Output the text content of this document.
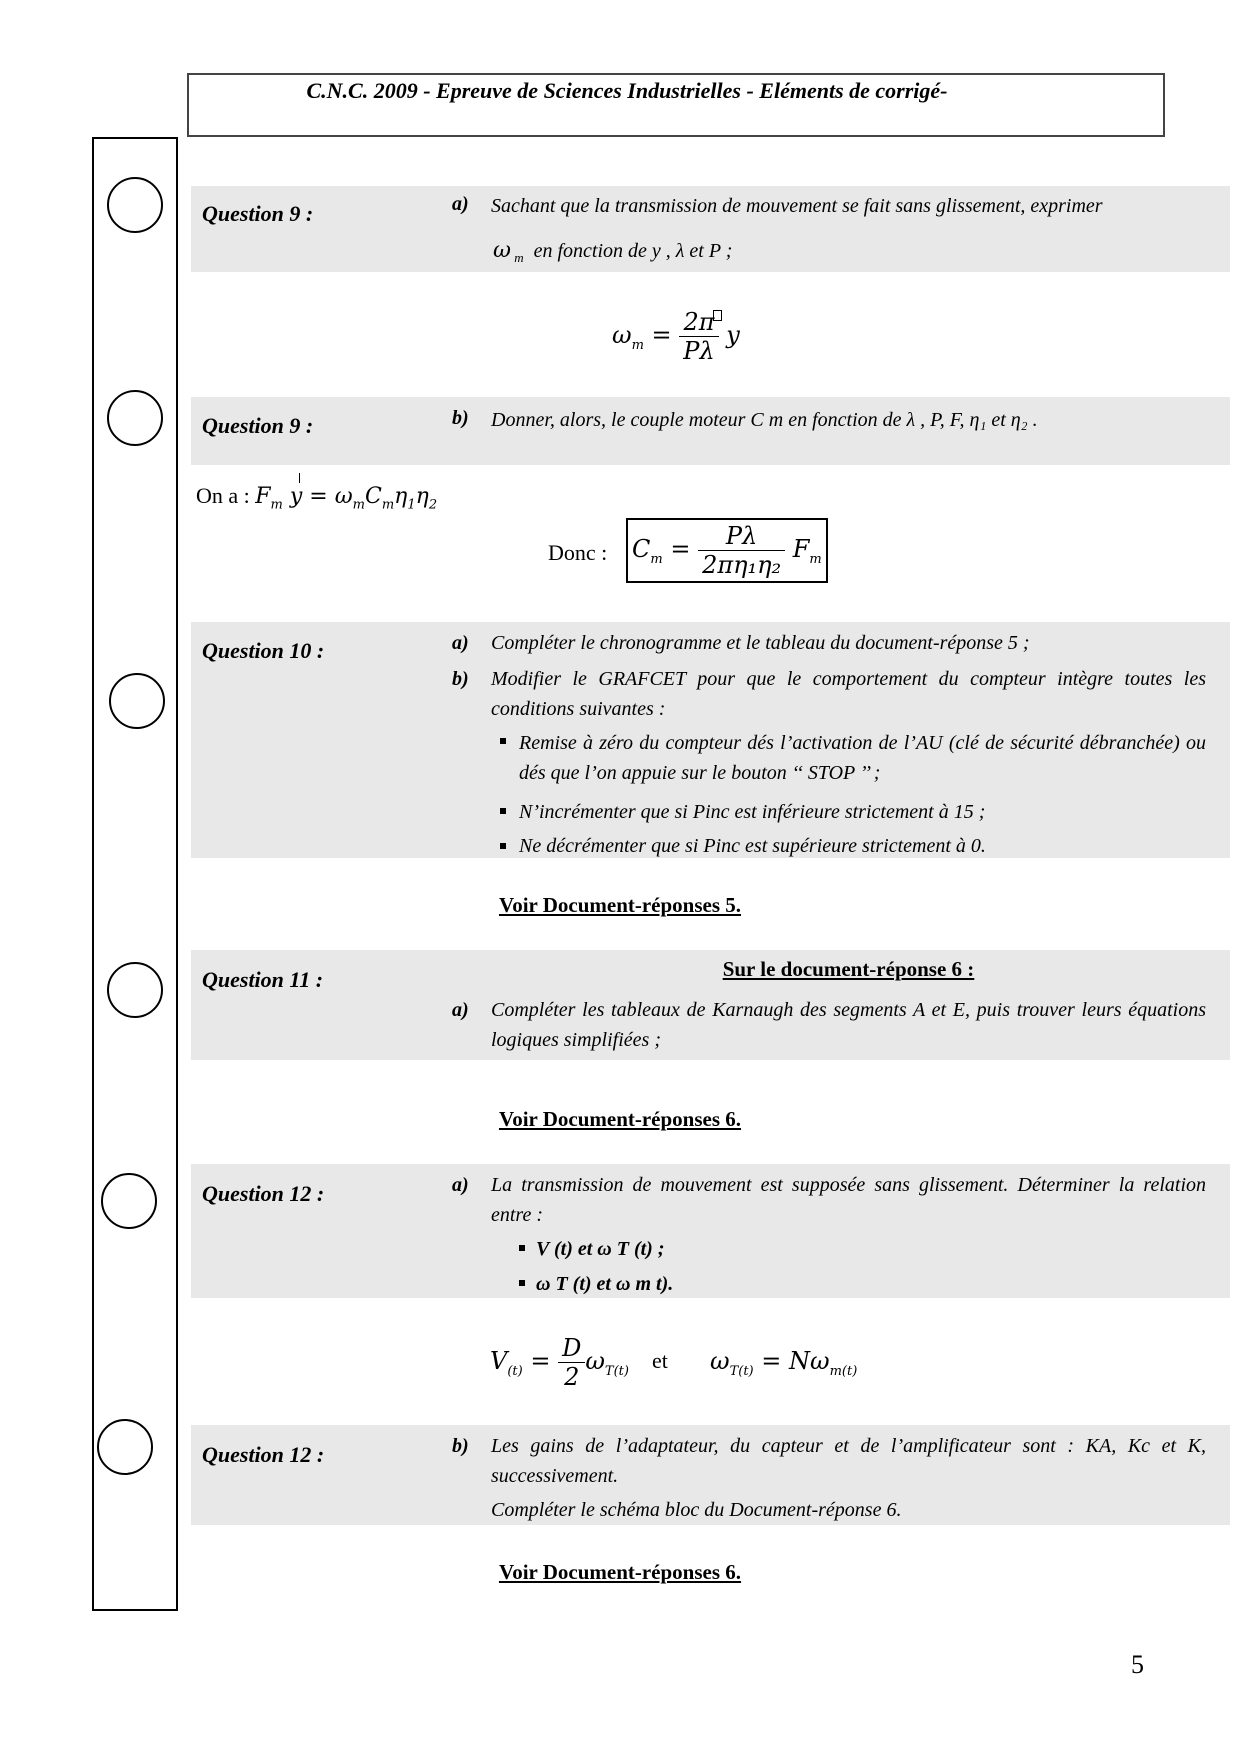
C.N.C. 2009 - Epreuve de Sciences Industrielles - Eléments de corrigé-
Question 9 :	a) Sachant que la transmission de mouvement se fait sans glissement, exprimer
ω $_m$ en fonction de y , λ et P ;
$\omega_m = \frac{2\pi}{P\lambda}$ y
Question 9 :	b) Donner, alors, le couple moteur C m en fonction de λ , P, F, η₁ et η₂ .
On a : $F_m$ $y = \omega_mC_m\eta_1\eta_2$
Donc : $C_m = \frac{P\lambda}{\text{2πη₁η₂}} F_m$
Question 10 :	a) Compléter le chronogramme et le tableau du document-réponse 5 ;
b) Modifier le GRAFCET pour que le comportement du compteur intègre toutes les conditions suivantes :
Remise à zéro du compteur dés l’activation de l’AU (clé de sécurité débranchée) ou dés que l’on appuie sur le bouton ‘‘ STOP ’’ ;
N’incrémenter que si Pinc est inférieure strictement à 15 ;
Ne décrémenter que si Pinc est supérieure strictement à 0.
Voir Document-réponses 5.
Question 11 :	Sur le document-réponse 6 :
a) Compléter les tableaux de Karnaugh des segments A et E, puis trouver leurs équations logiques simplifiées ;
Voir Document-réponses 6.
Question 12 :	a) La transmission de mouvement est supposée sans glissement. Déterminer la relation entre :
V (t) et ω T (t) ;
ω T (t) et ω m t).
$V_{(t)} = \frac{D}{2} \omega_{T(t)}$ et $\omega_{T(t)} = N\omega_{m(t)}$
Question 12 :	b) Les gains de l’adaptateur, du capteur et de l’amplificateur sont : KA, Kc et K, successivement.
Compléter le schéma bloc du Document-réponse 6.
Voir Document-réponses 6.
5
